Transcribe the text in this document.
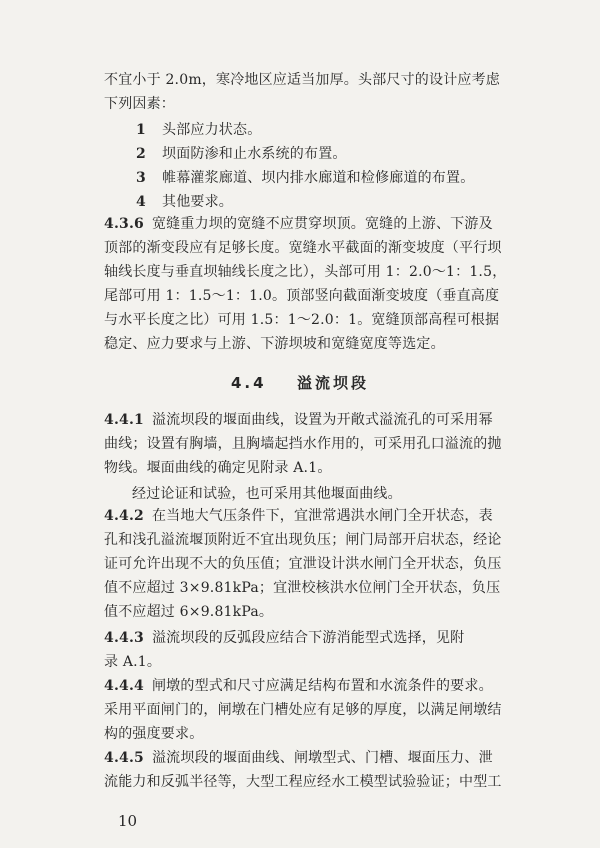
不宜小于 2.0m，寒冷地区应适当加厚。头部尺寸的设计应考虑
下列因素：
1 头部应力状态。
2 坝面防渗和止水系统的布置。
3 帷幕灌浆廊道、坝内排水廊道和检修廊道的布置。
4 其他要求。
4.3.6 宽缝重力坝的宽缝不应贯穿坝顶。宽缝的上游、下游及
顶部的渐变段应有足够长度。宽缝水平截面的渐变坡度（平行坝
轴线长度与垂直坝轴线长度之比），头部可用 1：2.0～1：1.5，
尾部可用 1：1.5～1：1.0。顶部竖向截面渐变坡度（垂直高度
与水平长度之比）可用 1.5：1～2.0：1。宽缝顶部高程可根据
稳定、应力要求与上游、下游坝坡和宽缝宽度等选定。
4.4 溢流坝段
4.4.1 溢流坝段的堰面曲线，设置为开敞式溢流孔的可采用幂
曲线；设置有胸墙，且胸墙起挡水作用的，可采用孔口溢流的抛
物线。堰面曲线的确定见附录 A.1。
经过论证和试验，也可采用其他堰面曲线。
4.4.2 在当地大气压条件下，宜泄常遇洪水闸门全开状态，表
孔和浅孔溢流堰顶附近不宜出现负压；闸门局部开启状态，经论
证可允许出现不大的负压值；宜泄设计洪水闸门全开状态，负压
值不应超过 3×9.81kPa；宜泄校核洪水位闸门全开状态，负压
值不应超过 6×9.81kPa。
4.4.3 溢流坝段的反弧段应结合下游消能型式选择，见附
录 A.1。
4.4.4 闸墩的型式和尺寸应满足结构布置和水流条件的要求。
采用平面闸门的，闸墩在门槽处应有足够的厚度，以满足闸墩结
构的强度要求。
4.4.5 溢流坝段的堰面曲线、闸墩型式、门槽、堰面压力、泄
流能力和反弧半径等，大型工程应经水工模型试验验证；中型工
10
